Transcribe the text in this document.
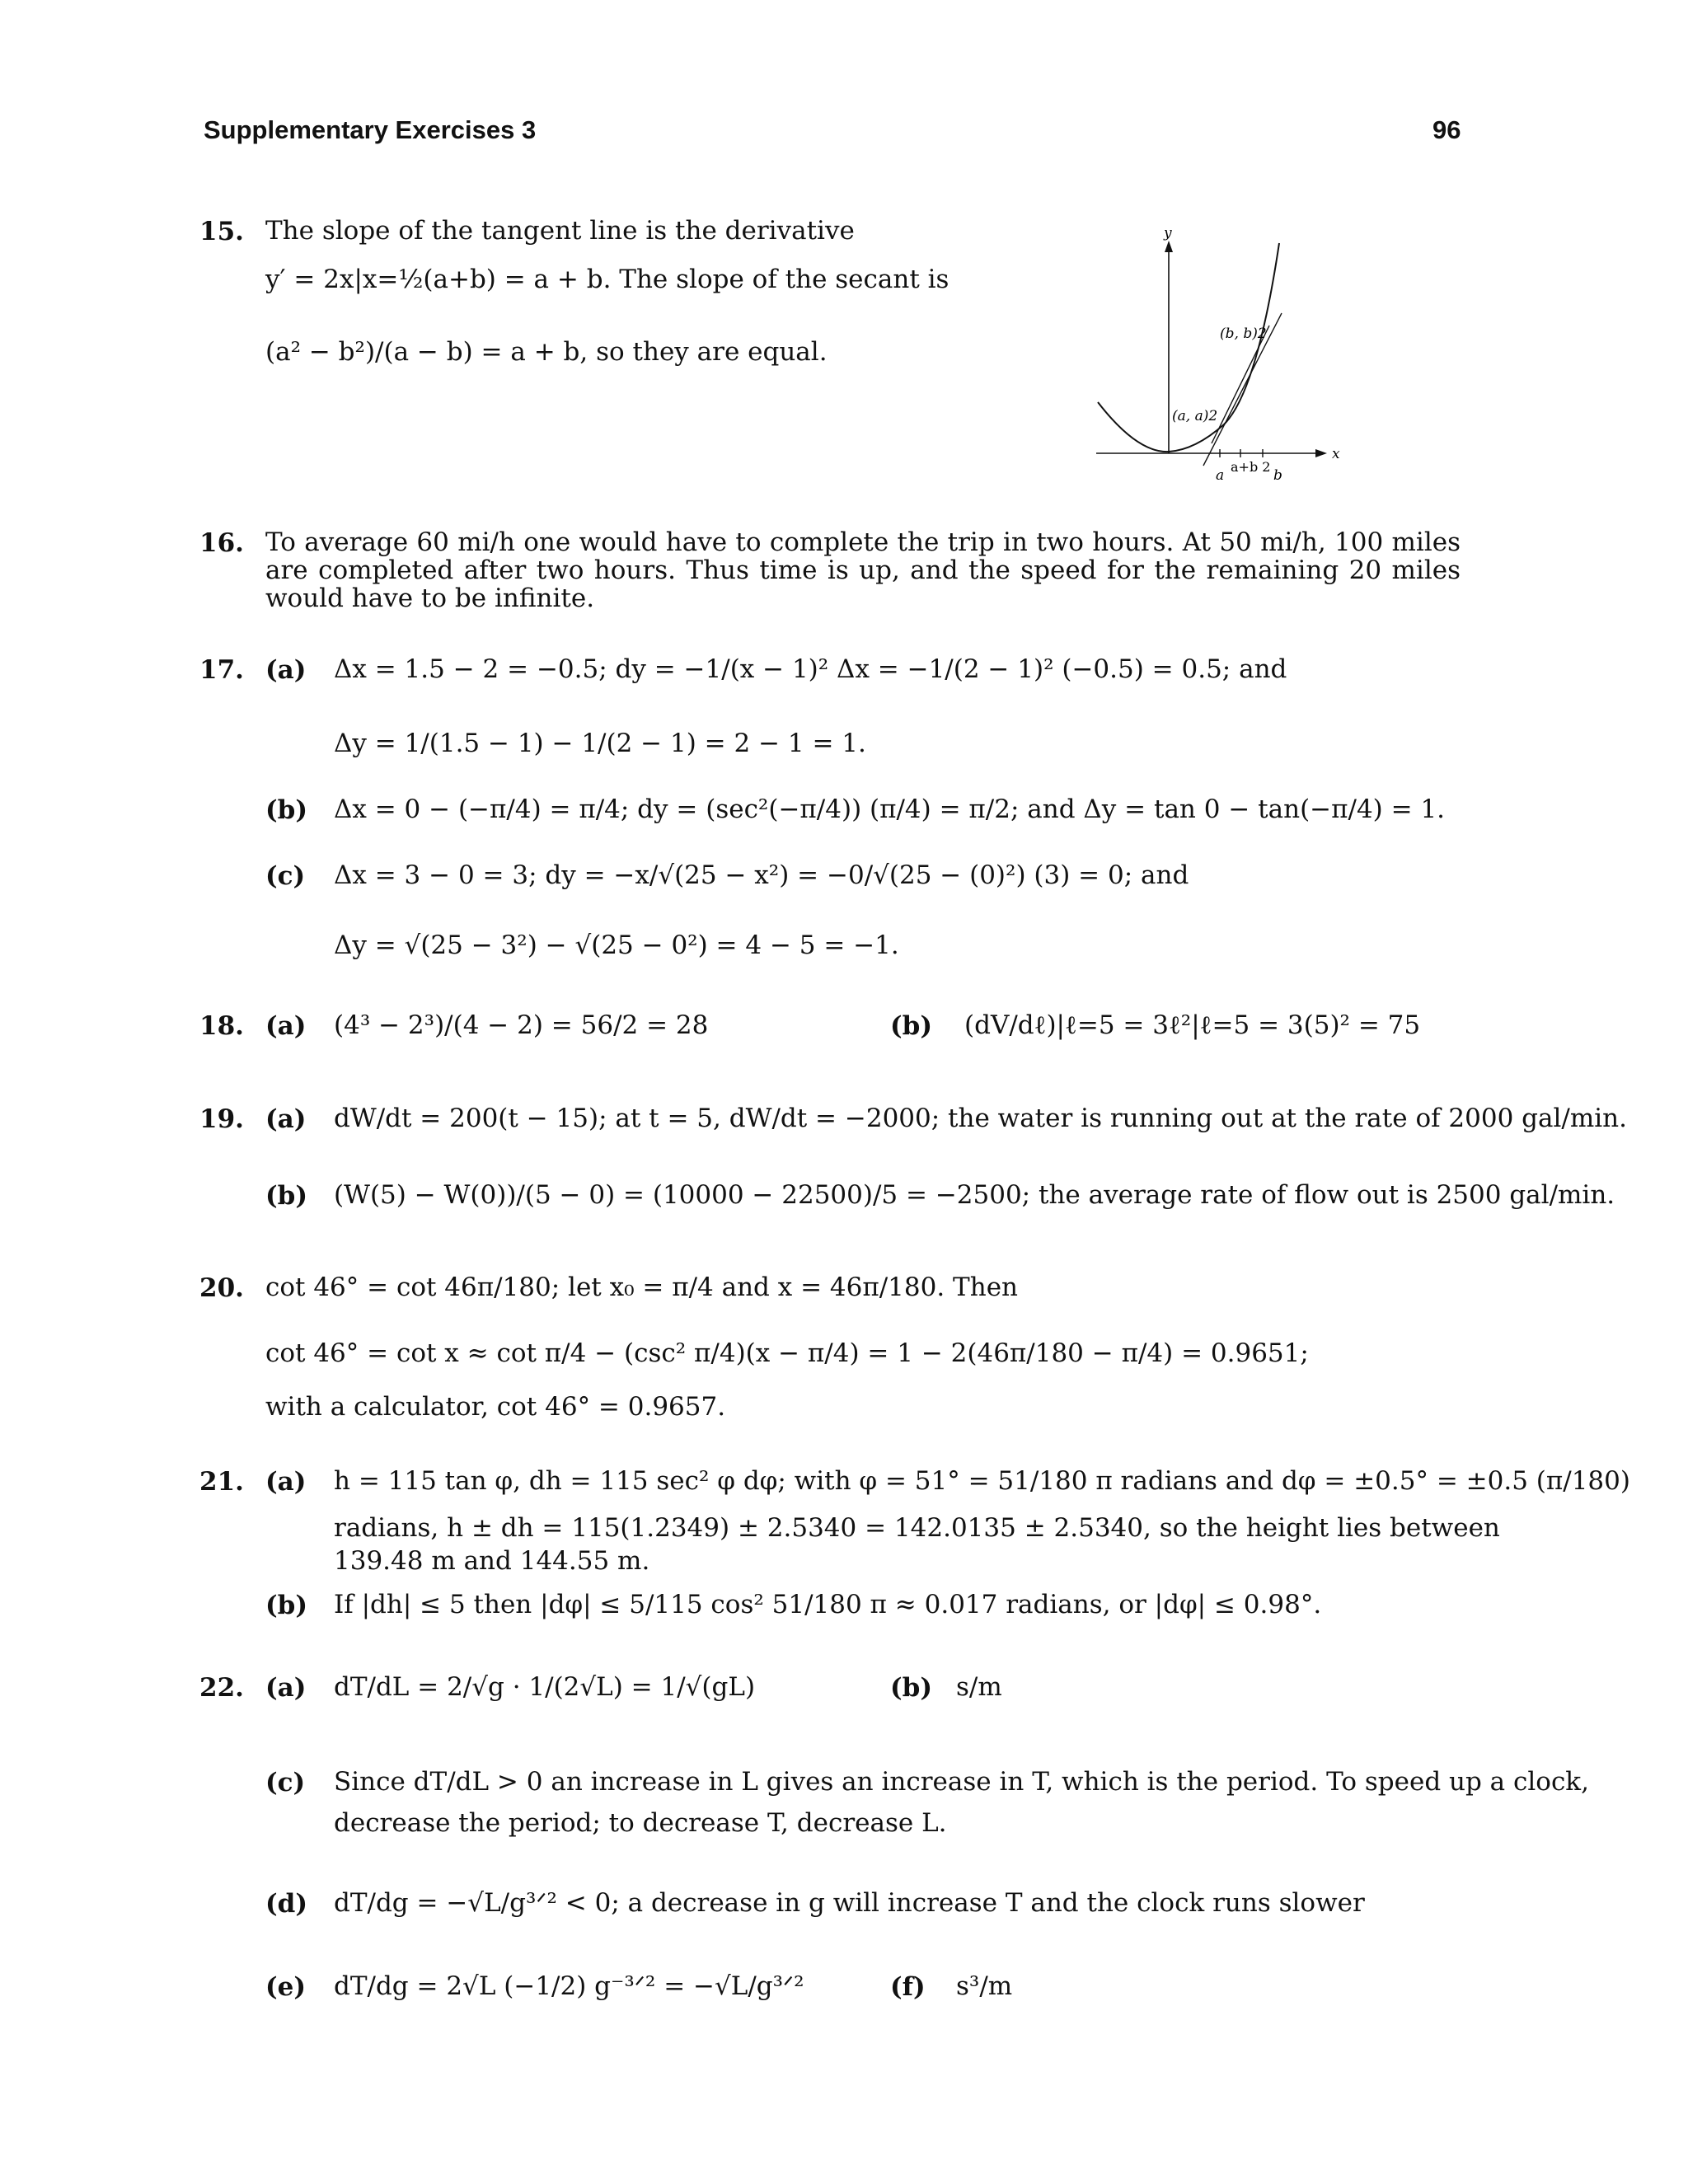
Supplementary Exercises 3	96
15. The slope of the tangent line is the derivative
y′ = 2x|x=½(a+b) = a + b. The slope of the secant is
(a² − b²)/(a − b) = a + b, so they are equal.
y
x
(b, b)2
(a, a)2
a
a+b 2
b
16. To average 60 mi/h one would have to complete the trip in two hours. At 50 mi/h, 100 miles are completed after two hours. Thus time is up, and the speed for the remaining 20 miles would have to be infinite.
17. (a) Δx = 1.5 − 2 = −0.5; dy = −1/(x − 1)² Δx = −1/(2 − 1)² (−0.5) = 0.5; and
Δy = 1/(1.5 − 1) − 1/(2 − 1) = 2 − 1 = 1.
(b) Δx = 0 − (−π/4) = π/4; dy = (sec²(−π/4)) (π/4) = π/2; and Δy = tan 0 − tan(−π/4) = 1.
(c) Δx = 3 − 0 = 3; dy = −x/√(25 − x²) = −0/√(25 − (0)²) (3) = 0; and
Δy = √(25 − 3²) − √(25 − 0²) = 4 − 5 = −1.
18. (a) (4³ − 2³)/(4 − 2) = 56/2 = 28	(b) (dV/dℓ)|ℓ=5 = 3ℓ²|ℓ=5 = 3(5)² = 75
19. (a) dW/dt = 200(t − 15); at t = 5, dW/dt = −2000; the water is running out at the rate of 2000 gal/min.
(b) (W(5) − W(0))/(5 − 0) = (10000 − 22500)/5 = −2500; the average rate of flow out is 2500 gal/min.
20. cot 46° = cot 46π/180; let x₀ = π/4 and x = 46π/180. Then
cot 46° = cot x ≈ cot π/4 − (csc² π/4)(x − π/4) = 1 − 2(46π/180 − π/4) = 0.9651;
with a calculator, cot 46° = 0.9657.
21. (a) h = 115 tan φ, dh = 115 sec² φ dφ; with φ = 51° = 51/180 π radians and dφ = ±0.5° = ±0.5 (π/180)
radians, h ± dh = 115(1.2349) ± 2.5340 = 142.0135 ± 2.5340, so the height lies between
139.48 m and 144.55 m.
(b) If |dh| ≤ 5 then |dφ| ≤ 5/115 cos² 51/180 π ≈ 0.017 radians, or |dφ| ≤ 0.98°.
22. (a) dT/dL = 2/√g · 1/(2√L) = 1/√(gL)	(b) s/m
(c) Since dT/dL > 0 an increase in L gives an increase in T, which is the period. To speed up a clock,
decrease the period; to decrease T, decrease L.
(d) dT/dg = −√L/g³ᐟ² < 0; a decrease in g will increase T and the clock runs slower
(e) dT/dg = 2√L (−1/2) g⁻³ᐟ² = −√L/g³ᐟ²	(f) s³/m
